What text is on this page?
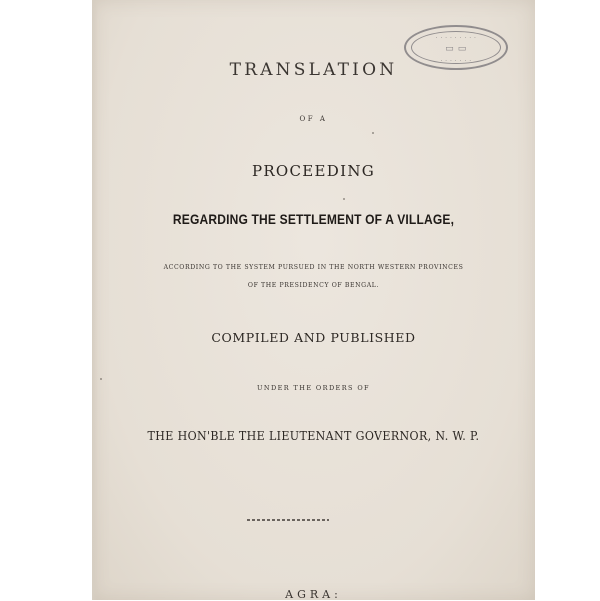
· · · · · · · · ·
▭ ▭
· · · · · · ·
TRANSLATION
OF A
PROCEEDING
REGARDING THE SETTLEMENT OF A VILLAGE,
ACCORDING TO THE SYSTEM PURSUED IN THE NORTH WESTERN PROVINCES
OF THE PRESIDENCY OF BENGAL.
COMPILED AND PUBLISHED
UNDER THE ORDERS OF
THE HON'BLE THE LIEUTENANT GOVERNOR, N. W. P.
AGRA:
